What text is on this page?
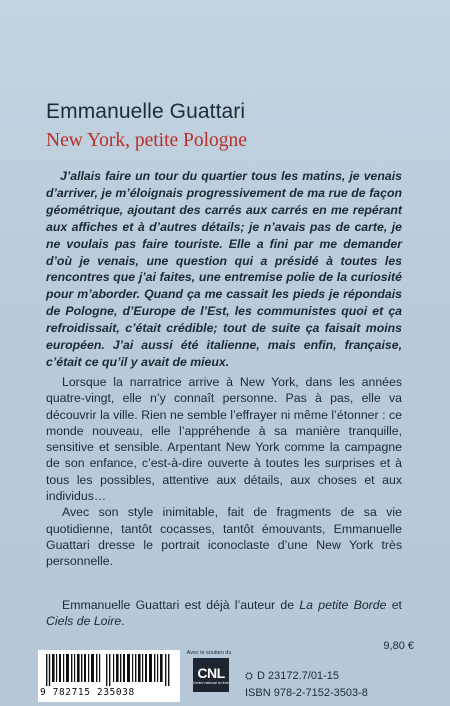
Emmanuelle Guattari
New York, petite Pologne
J’allais faire un tour du quartier tous les matins, je venais d’arriver, je m’éloignais progressivement de ma rue de façon géométrique, ajoutant des carrés aux carrés en me repérant aux affiches et à d’autres détails; je n’avais pas de carte, je ne voulais pas faire touriste. Elle a fini par me demander d’où je venais, une question qui a présidé à toutes les rencontres que j’ai faites, une entremise polie de la curiosité pour m’aborder. Quand ça me cassait les pieds je répondais de Pologne, d’Europe de l’Est, les communistes quoi et ça refroidissait, c’était crédible; tout de suite ça faisait moins européen. J’ai aussi été italienne, mais enfin, française, c’était ce qu’il y avait de mieux.

Lorsque la narratrice arrive à New York, dans les années quatre-vingt, elle n’y connaît personne. Pas à pas, elle va découvrir la ville. Rien ne semble l’effrayer ni même l’étonner : ce monde nouveau, elle l’appréhende à sa manière tranquille, sensitive et sensible. Arpentant New York comme la campagne de son enfance, c’est-à-dire ouverte à toutes les surprises et à tous les possibles, attentive aux détails, aux choses et aux individus…

Avec son style inimitable, fait de fragments de sa vie quotidienne, tantôt cocasses, tantôt émouvants, Emmanuelle Guattari dresse le portrait iconoclaste d’une New York très personnelle.

Emmanuelle Guattari est déjà l’auteur de La petite Borde et Ciels de Loire.
9,80 €
9 782715 235038
Avec le soutien du
CNL
Centre national du livre
⛭ D 23172.7/01-15
ISBN 978-2-7152-3503-8
